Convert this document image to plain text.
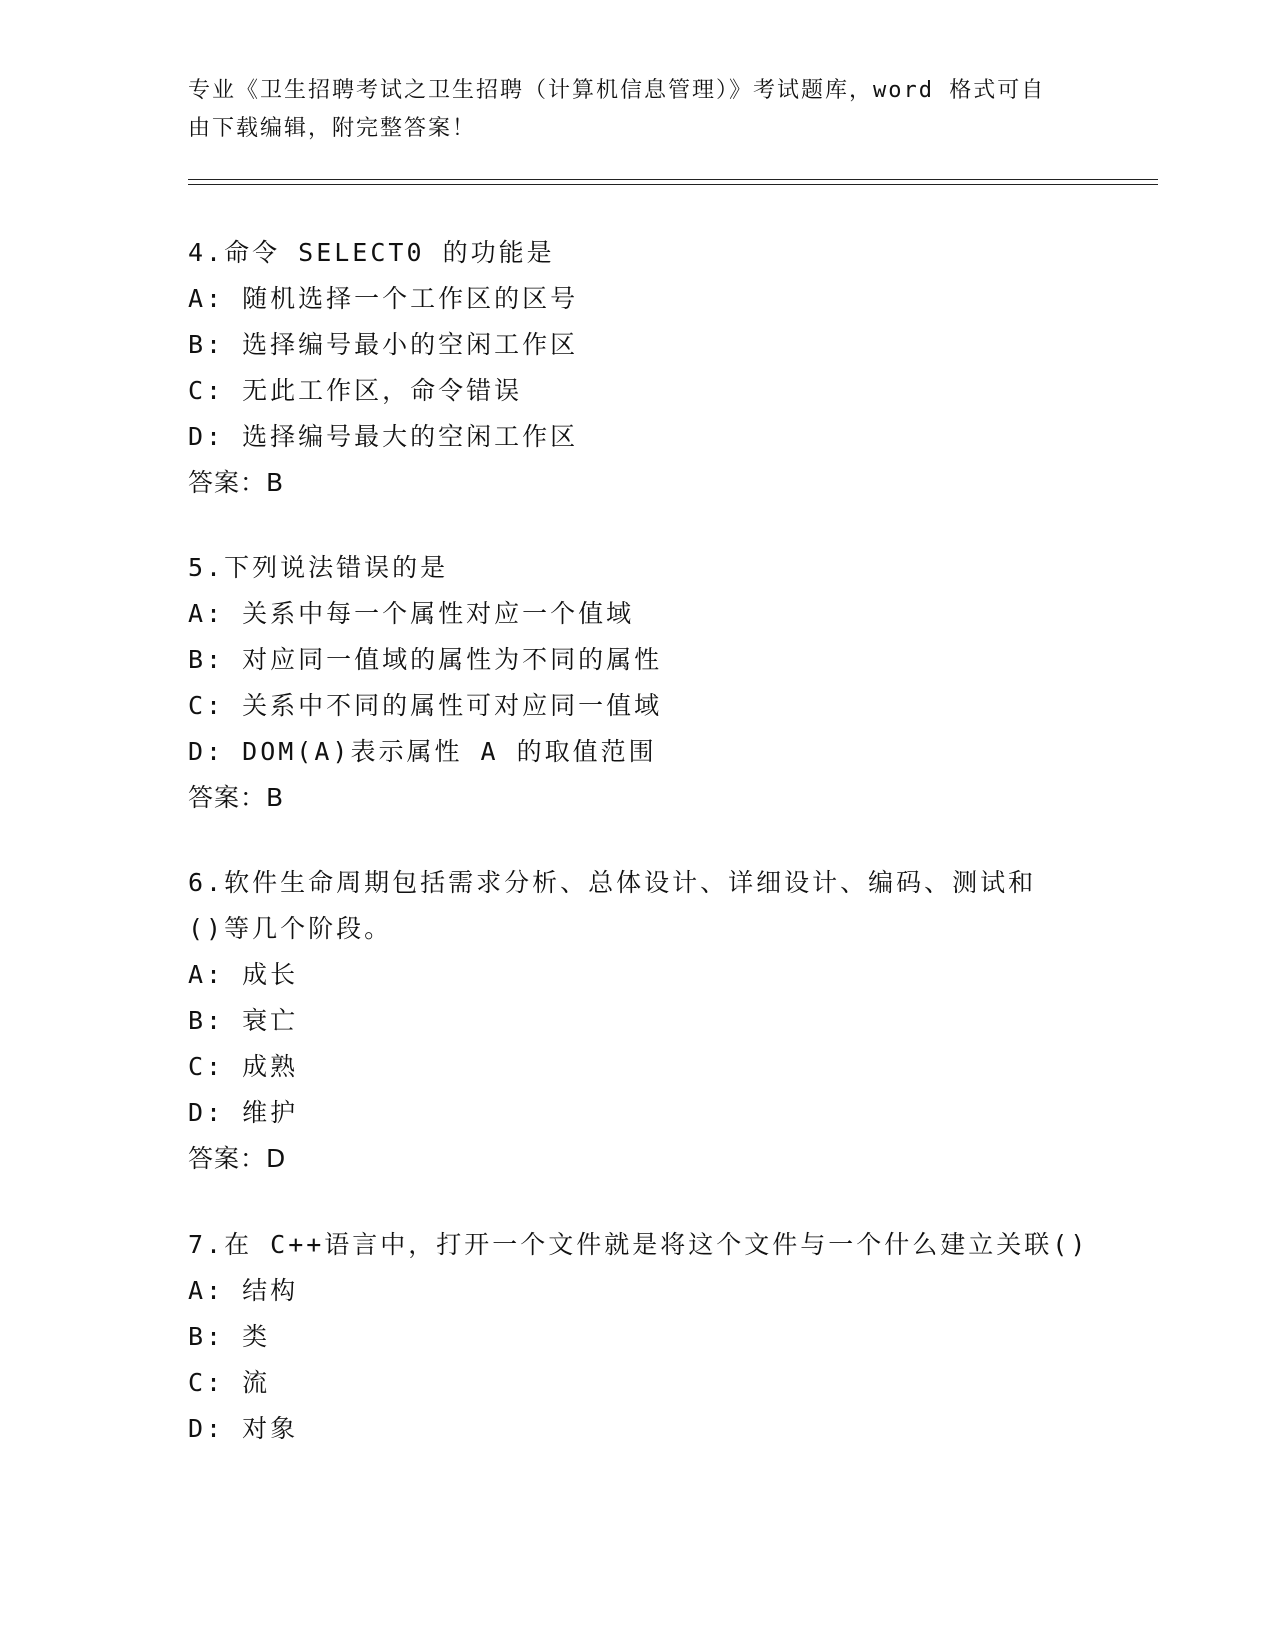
专业《卫生招聘考试之卫生招聘（计算机信息管理）》考试题库，word 格式可自
由下载编辑，附完整答案！
4.命令 SELECT0 的功能是
A: 随机选择一个工作区的区号
B: 选择编号最小的空闲工作区
C: 无此工作区，命令错误
D: 选择编号最大的空闲工作区
答案：B
5.下列说法错误的是
A: 关系中每一个属性对应一个值域
B: 对应同一值域的属性为不同的属性
C: 关系中不同的属性可对应同一值域
D: DOM(A)表示属性 A 的取值范围
答案：B
6.软件生命周期包括需求分析、总体设计、详细设计、编码、测试和
()等几个阶段。
A: 成长
B: 衰亡
C: 成熟
D: 维护
答案：D
7.在 C++语言中，打开一个文件就是将这个文件与一个什么建立关联()
A: 结构
B: 类
C: 流
D: 对象
